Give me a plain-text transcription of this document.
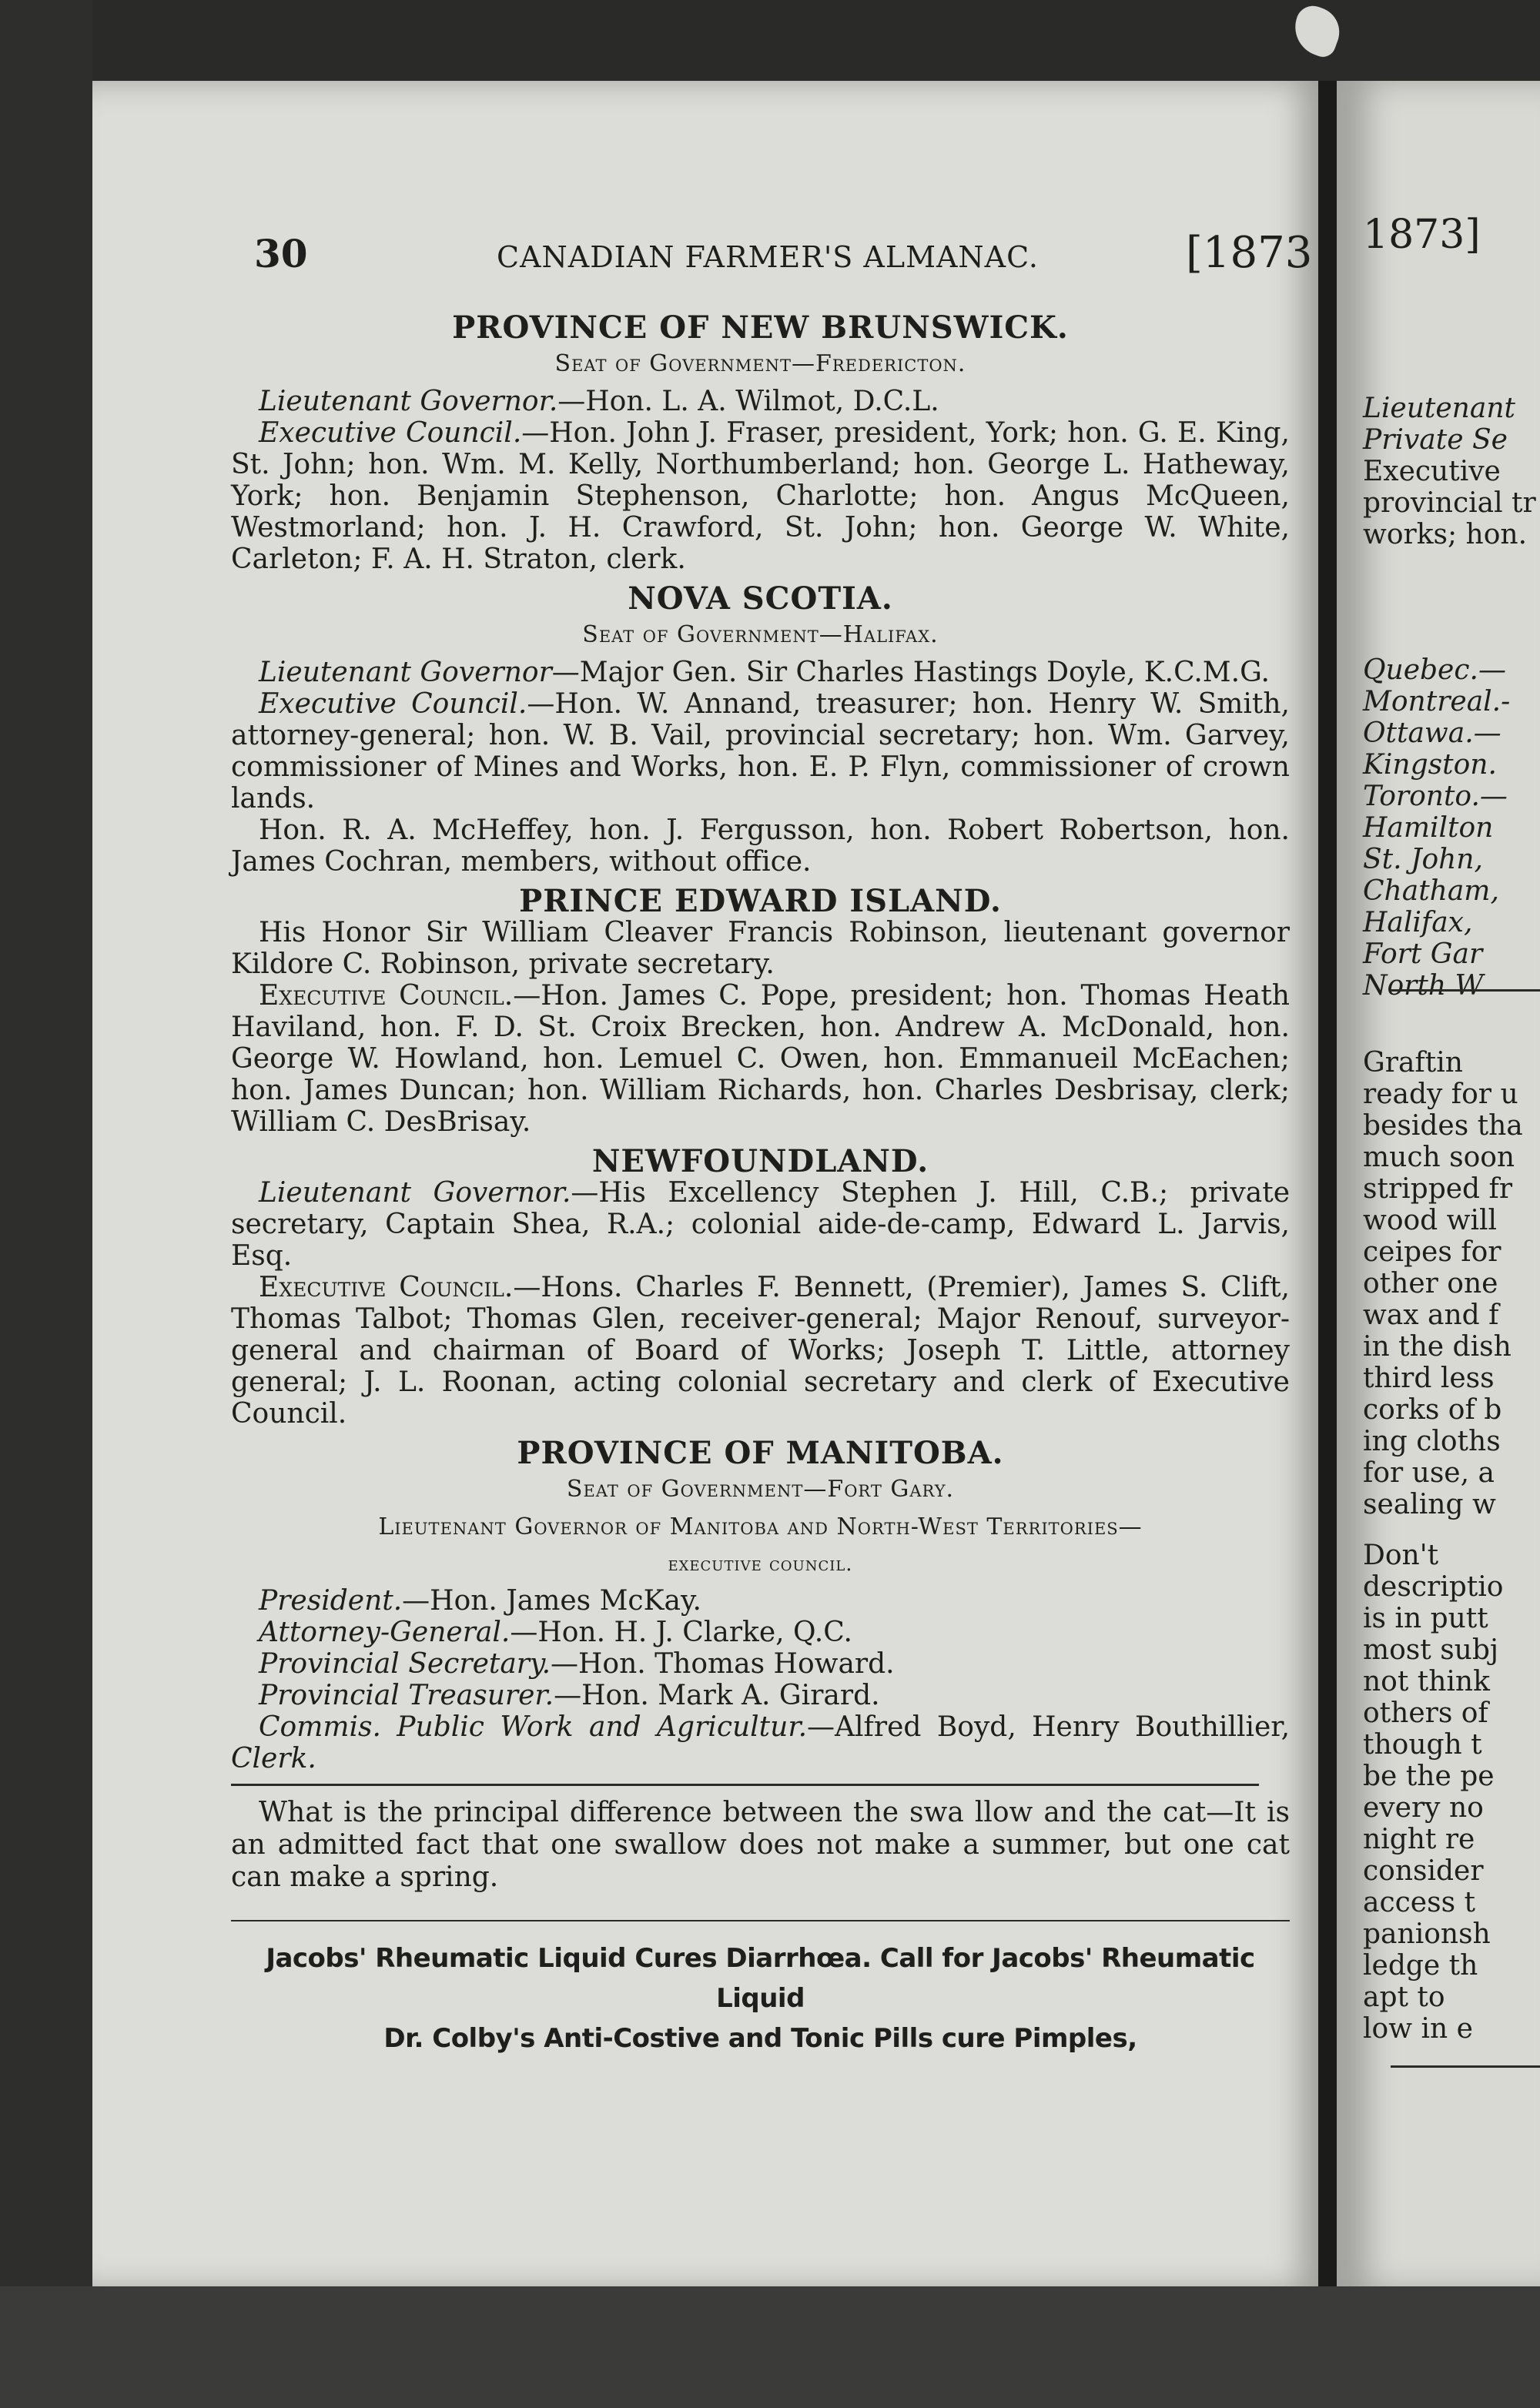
1873]
Lieutenant
Private Se
Executive
provincial tr
works; hon.
Quebec.—
Montreal.-
Ottawa.—
Kingston.
Toronto.—
Hamilton
St. John,
Chatham,
Halifax,
Fort Gar
North W
Graftin
ready for u
besides tha
much soon
stripped fr
wood will
ceipes for
other one
wax and f
in the dish
third less
corks of b
ing cloths
for use, a
sealing w
Don't
descriptio
is in putt
most subj
not think
others of
though t
be the pe
every no
night re
consider
access t
panionsh
ledge th
apt to
low in e
30	CANADIAN FARMER'S ALMANAC.	[1873
PROVINCE OF NEW BRUNSWICK.
Seat of Government—Fredericton.

Lieutenant Governor.—Hon. L. A. Wilmot, D.C.L.

Executive Council.—Hon. John J. Fraser, president, York; hon. G. E. King, St. John; hon. Wm. M. Kelly, Northumberland; hon. George L. Hatheway, York; hon. Benjamin Stephenson, Charlotte; hon. Angus McQueen, Westmorland; hon. J. H. Crawford, St. John; hon. George W. White, Carleton; F. A. H. Straton, clerk.

NOVA SCOTIA.
Seat of Government—Halifax.

Lieutenant Governor—Major Gen. Sir Charles Hastings Doyle, K.C.M.G.

Executive Council.—Hon. W. Annand, treasurer; hon. Henry W. Smith, attorney-general; hon. W. B. Vail, provincial secretary; hon. Wm. Garvey, commissioner of Mines and Works, hon. E. P. Flyn, commissioner of crown lands.

Hon. R. A. McHeffey, hon. J. Fergusson, hon. Robert Robertson, hon. James Cochran, members, without office.

PRINCE EDWARD ISLAND.

His Honor Sir William Cleaver Francis Robinson, lieutenant governor Kildore C. Robinson, private secretary.

Executive Council.—Hon. James C. Pope, president; hon. Thomas Heath Haviland, hon. F. D. St. Croix Brecken, hon. Andrew A. McDonald, hon. George W. Howland, hon. Lemuel C. Owen, hon. Emmanueil McEachen; hon. James Duncan; hon. William Richards, hon. Charles Desbrisay, clerk; William C. DesBrisay.

NEWFOUNDLAND.

Lieutenant Governor.—His Excellency Stephen J. Hill, C.B.; private secretary, Captain Shea, R.A.; colonial aide-de-camp, Edward L. Jarvis, Esq.

Executive Council.—Hons. Charles F. Bennett, (Premier), James S. Clift, Thomas Talbot; Thomas Glen, receiver-general; Major Renouf, surveyor-general and chairman of Board of Works; Joseph T. Little, attorney general; J. L. Roonan, acting colonial secretary and clerk of Executive Council.

PROVINCE OF MANITOBA.
Seat of Government—Fort Gary.
Lieutenant Governor of Manitoba and North-West Territories—
executive council.

President.—Hon. James McKay.

Attorney-General.—Hon. H. J. Clarke, Q.C.

Provincial Secretary.—Hon. Thomas Howard.

Provincial Treasurer.—Hon. Mark A. Girard.

Commis. Public Work and Agricultur.—Alfred Boyd, Henry Bouthillier, Clerk.

What is the principal difference between the swa llow and the cat—It is an admitted fact that one swallow does not make a summer, but one cat can make a spring.

Jacobs' Rheumatic Liquid Cures Diarrhœa. Call for Jacobs' Rheumatic Liquid
Dr. Colby's Anti-Costive and Tonic Pills cure Pimples,
